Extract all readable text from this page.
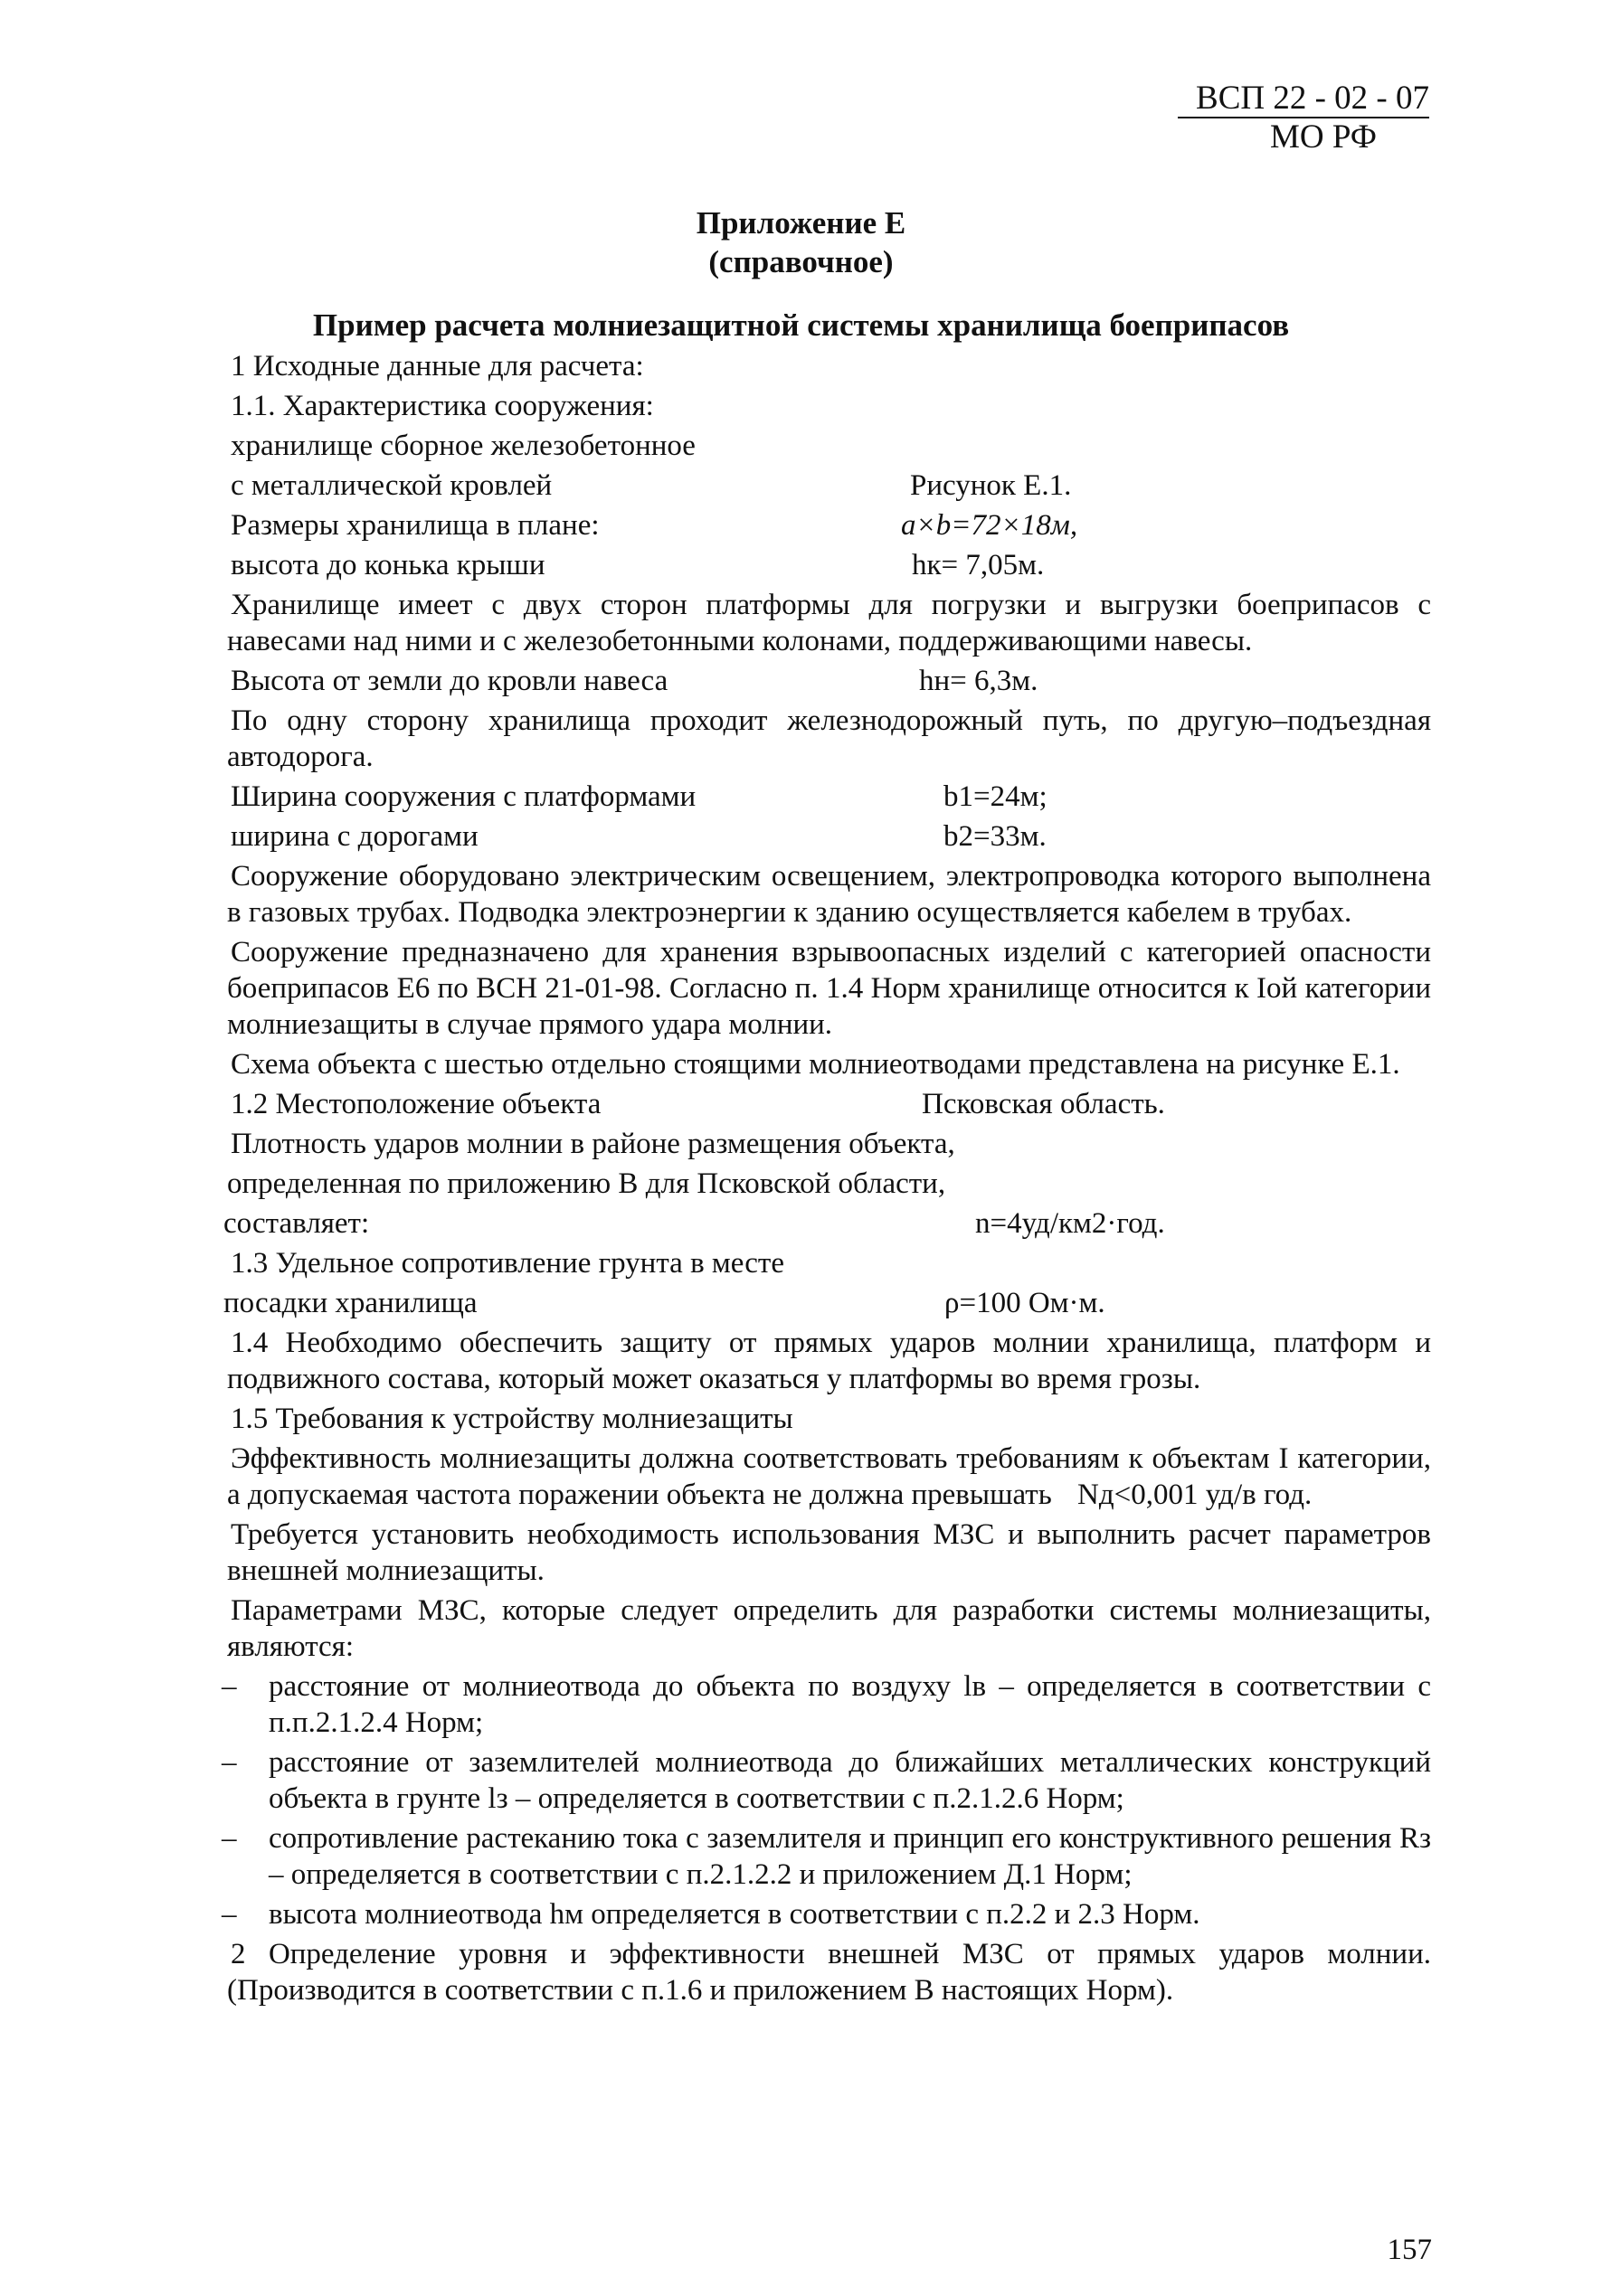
ВСП 22 - 02 - 07
МО РФ
Приложение Е
(справочное)
Пример расчета молниезащитной системы хранилища боеприпасов

1 Исходные данные для расчета:

1.1. Характеристика сооружения:

хранилище сборное железобетонное

с металлической кровлей	Рисунок Е.1.
Размеры хранилища в плане:	a×b=72×18м,
высота до конька крыши	hк= 7,05м.

Хранилище имеет с двух сторон платформы для погрузки и выгрузки боеприпасов с навесами над ними и с железобетонными колонами, поддерживающими навесы.

Высота от земли до кровли навеса	hн= 6,3м.

По одну сторону хранилища проходит железнодорожный путь, по другую–подъездная автодорога.

Ширина сооружения с платформами	b1=24м;
ширина с дорогами	b2=33м.

Сооружение оборудовано электрическим освещением, электропроводка которого выполнена в газовых трубах. Подводка электроэнергии к зданию осуществляется кабелем в трубах.

Сооружение предназначено для хранения взрывоопасных изделий с категорией опасности боеприпасов Е6 по ВСН 21-01-98. Согласно п. 1.4 Норм хранилище относится к Iой категории молниезащиты в случае прямого удара молнии.

Схема объекта с шестью отдельно стоящими молниеотводами представлена на рисунке Е.1.

1.2 Местоположение объекта	Псковская область.

Плотность ударов молнии в районе размещения объекта,

определенная по приложению В для Псковской области,

составляет:	n=4уд/км2·год.

1.3 Удельное сопротивление грунта в месте

посадки хранилища	ρ=100 Ом·м.

1.4 Необходимо обеспечить защиту от прямых ударов молнии хранилища, платформ и подвижного состава, который может оказаться у платформы во время грозы.

1.5 Требования к устройству молниезащиты

Эффективность молниезащиты должна соответствовать требованиям к объектам I категории, а допускаемая частота поражении объекта не должна превышать Nд<0,001 уд/в год.

Требуется установить необходимость использования МЗС и выполнить расчет параметров внешней молниезащиты.

Параметрами МЗС, которые следует определить для разработки системы молниезащиты, являются:

– расстояние от молниеотвода до объекта по воздуху lв – определяется в соответствии с п.п.2.1.2.4 Норм;
– расстояние от заземлителей молниеотвода до ближайших металлических конструкций объекта в грунте lз – определяется в соответствии с п.2.1.2.6 Норм;
– сопротивление растеканию тока с заземлителя и принцип его конструктивного решения Rз – определяется в соответствии с п.2.1.2.2 и приложением Д.1 Норм;
– высота молниеотвода hм определяется в соответствии с п.2.2 и 2.3 Норм.

2 Определение уровня и эффективности внешней МЗС от прямых ударов молнии. (Производится в соответствии с п.1.6 и приложением В настоящих Норм).

157
